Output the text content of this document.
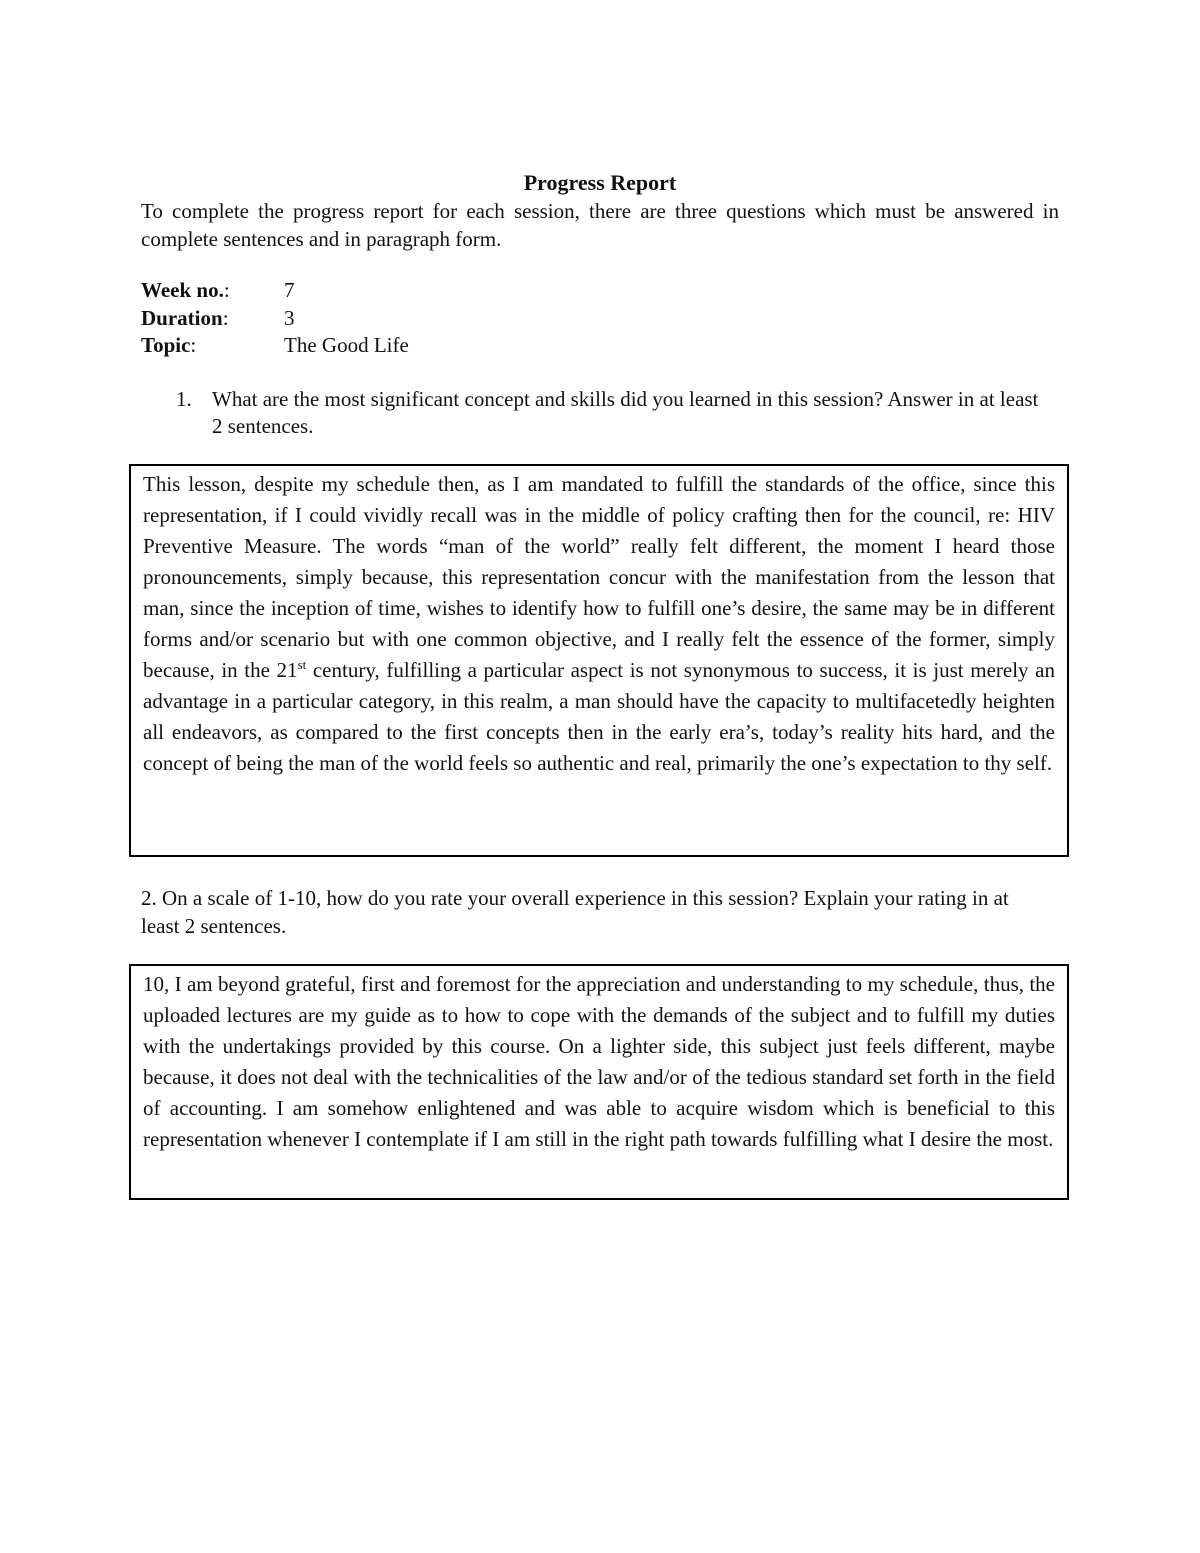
Progress Report

To complete the progress report for each session, there are three questions which must be answered in complete sentences and in paragraph form.

Week no.:	7
Duration:	3
Topic:	The Good Life
1. What are the most significant concept and skills did you learned in this session? Answer in at least 2 sentences.

This lesson, despite my schedule then, as I am mandated to fulfill the standards of the office, since this representation, if I could vividly recall was in the middle of policy crafting then for the council, re: HIV Preventive Measure. The words “man of the world” really felt different, the moment I heard those pronouncements, simply because, this representation concur with the manifestation from the lesson that man, since the inception of time, wishes to identify how to fulfill one’s desire, the same may be in different forms and/or scenario but with one common objective, and I really felt the essence of the former, simply because, in the 21st century, fulfilling a particular aspect is not synonymous to success, it is just merely an advantage in a particular category, in this realm, a man should have the capacity to multifacetedly heighten all endeavors, as compared to the first concepts then in the early era’s, today’s reality hits hard, and the concept of being the man of the world feels so authentic and real, primarily the one’s expectation to thy self.

2. On a scale of 1-10, how do you rate your overall experience in this session? Explain your rating in at least 2 sentences.

10, I am beyond grateful, first and foremost for the appreciation and understanding to my schedule, thus, the uploaded lectures are my guide as to how to cope with the demands of the subject and to fulfill my duties with the undertakings provided by this course. On a lighter side, this subject just feels different, maybe because, it does not deal with the technicalities of the law and/or of the tedious standard set forth in the field of accounting. I am somehow enlightened and was able to acquire wisdom which is beneficial to this representation whenever I contemplate if I am still in the right path towards fulfilling what I desire the most.
